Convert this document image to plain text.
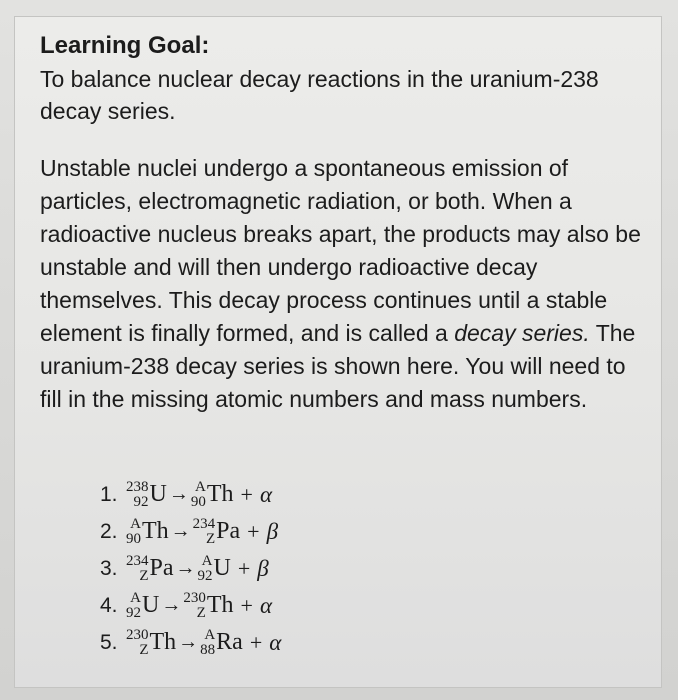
Learning Goal:

To balance nuclear decay reactions in the uranium-238 decay series.

Unstable nuclei undergo a spontaneous emission of particles, electromagnetic radiation, or both. When a radioactive nucleus breaks apart, the products may also be unstable and will then undergo radioactive decay themselves. This decay process continues until a stable element is finally formed, and is called a decay series. The uranium-238 decay series is shown here. You will need to fill in the missing atomic numbers and mass numbers.

1. 238
92 U → A
90 Th + α
2. A
90 Th → 234
Z Pa + β
3. 234
Z Pa → A
92 U + β
4. A
92 U → 230
Z Th + α
5. 230
Z Th → A
88 Ra + α
